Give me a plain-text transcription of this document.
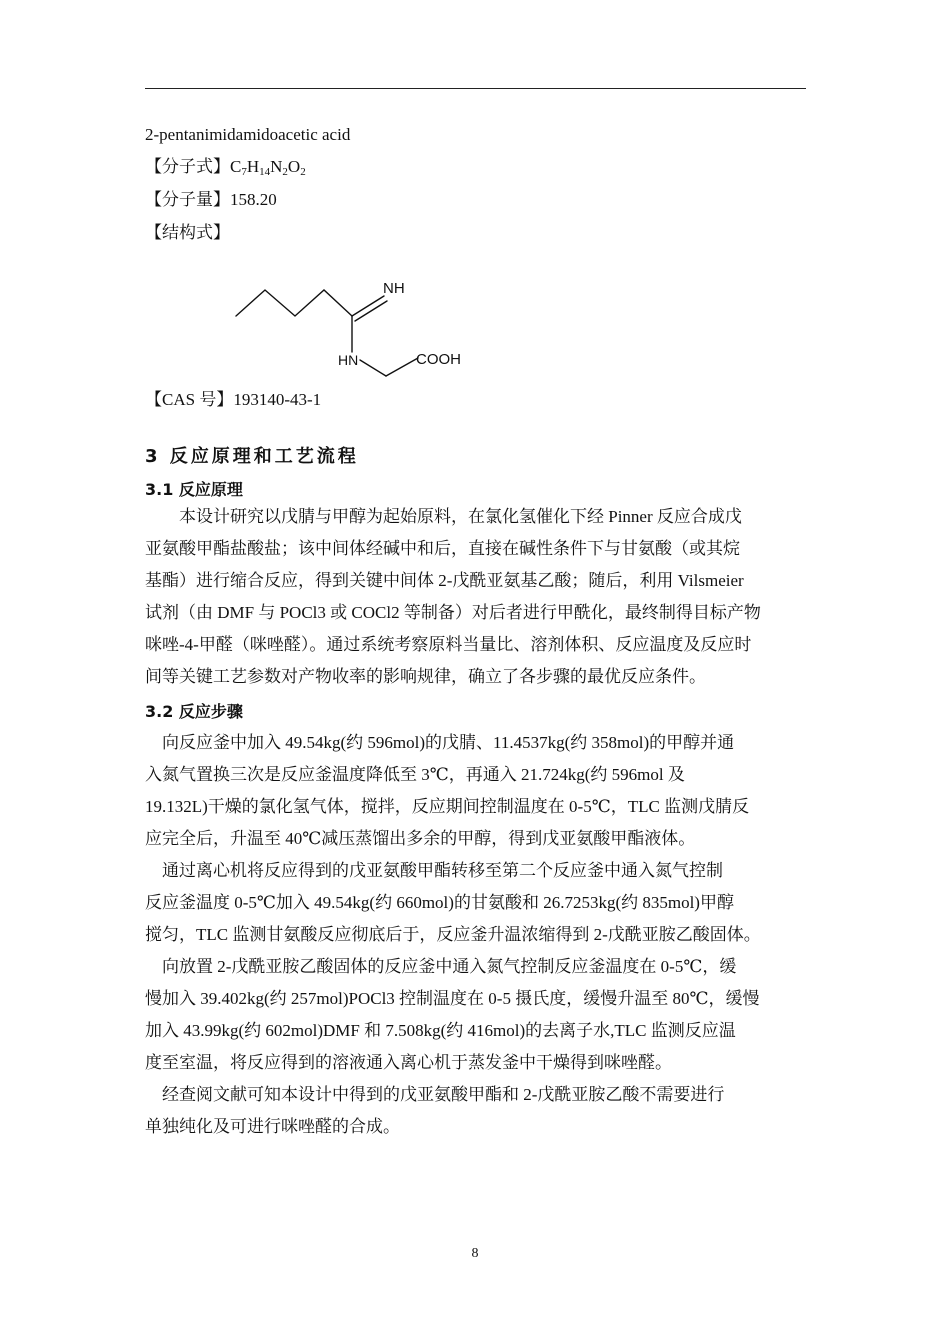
2-pentanimidamidoacetic acid
【分子式】$C_7H_{14}N_2O_2$
【分子量】158.20
【结构式】
NH
HN	COOH
【CAS 号】193140-43-1
3 反应原理和工艺流程
3.1 反应原理
　　本设计研究以戊腈与甲醇为起始原料，在氯化氢催化下经 Pinner 反应合成戊
亚氨酸甲酯盐酸盐；该中间体经碱中和后，直接在碱性条件下与甘氨酸（或其烷
基酯）进行缩合反应，得到关键中间体 2-戊酰亚氨基乙酸；随后，利用 Vilsmeier
试剂（由 DMF 与 POCl3 或 COCl2 等制备）对后者进行甲酰化，最终制得目标产物
咪唑-4-甲醛（咪唑醛）。通过系统考察原料当量比、溶剂体积、反应温度及反应时
间等关键工艺参数对产物收率的影响规律，确立了各步骤的最优反应条件。
3.2 反应步骤
　向反应釜中加入 49.54kg(约 596mol)的戊腈、11.4537kg(约 358mol)的甲醇并通
入氮气置换三次是反应釜温度降低至 3℃，再通入 21.724kg(约 596mol 及
19.132L)干燥的氯化氢气体，搅拌，反应期间控制温度在 0-5℃，TLC 监测戊腈反
应完全后，升温至 40℃减压蒸馏出多余的甲醇，得到戊亚氨酸甲酯液体。
　通过离心机将反应得到的戊亚氨酸甲酯转移至第二个反应釜中通入氮气控制
反应釜温度 0-5℃加入 49.54kg(约 660mol)的甘氨酸和 26.7253kg(约 835mol)甲醇
搅匀，TLC 监测甘氨酸反应彻底后于，反应釜升温浓缩得到 2-戊酰亚胺乙酸固体。
　向放置 2-戊酰亚胺乙酸固体的反应釜中通入氮气控制反应釜温度在 0-5℃，缓
慢加入 39.402kg(约 257mol)POCl3 控制温度在 0-5 摄氏度，缓慢升温至 80℃，缓慢
加入 43.99kg(约 602mol)DMF 和 7.508kg(约 416mol)的去离子水,TLC 监测反应温
度至室温，将反应得到的溶液通入离心机于蒸发釜中干燥得到咪唑醛。
　经查阅文献可知本设计中得到的戊亚氨酸甲酯和 2-戊酰亚胺乙酸不需要进行
单独纯化及可进行咪唑醛的合成。
8
